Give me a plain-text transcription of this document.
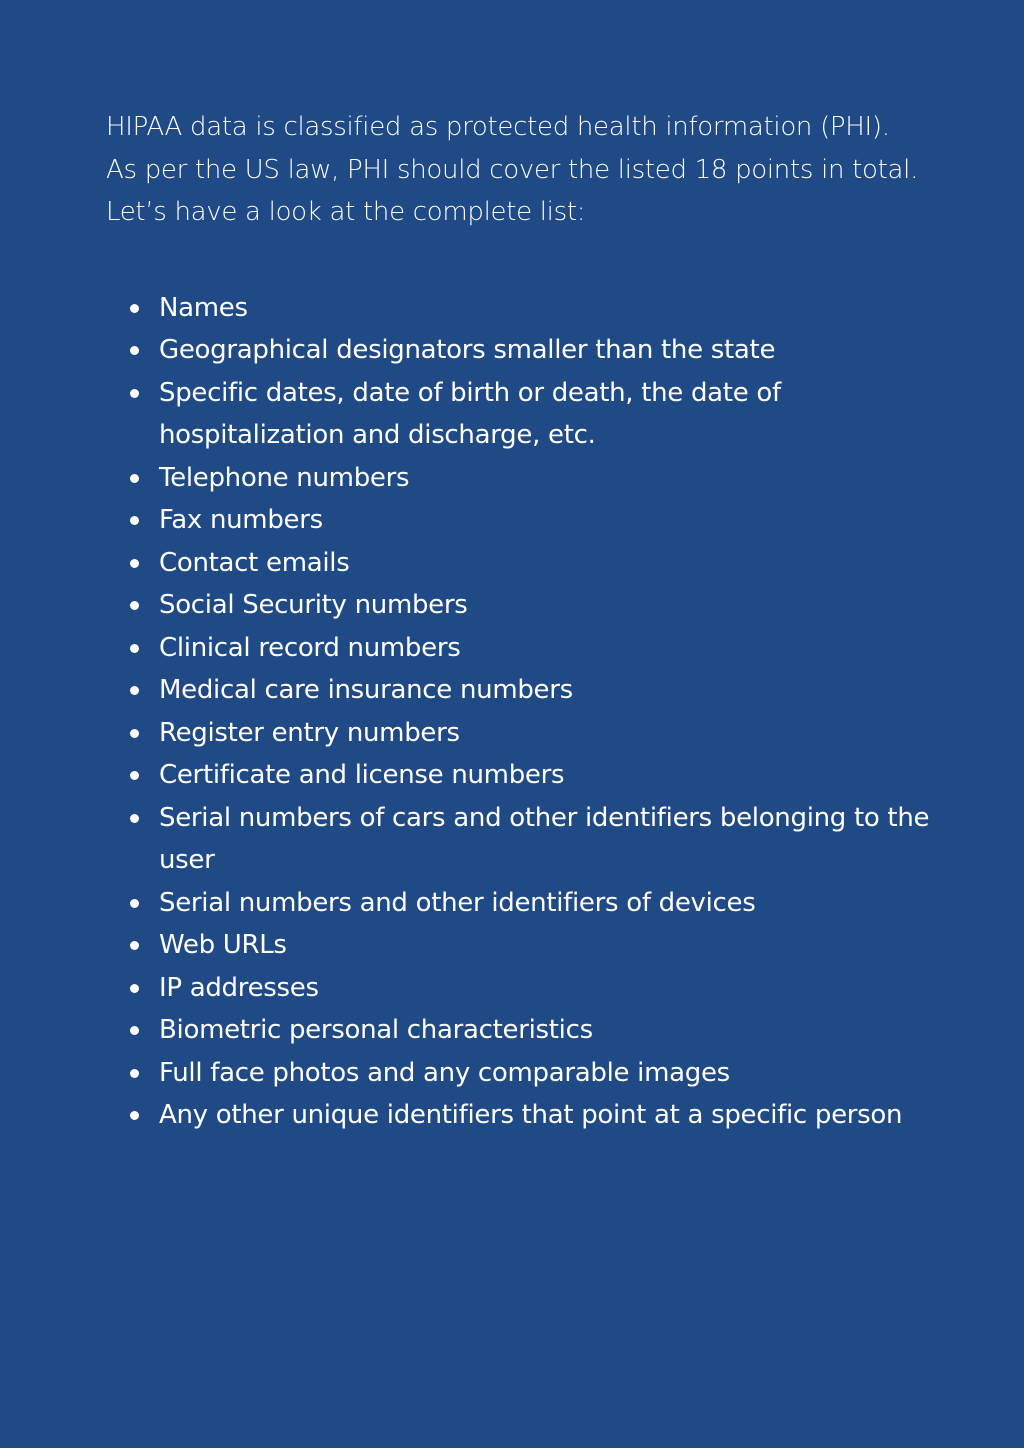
HIPAA data is classified as protected health information (PHI).
As per the US law, PHI should cover the listed 18 points in total.
Let’s have a look at the complete list:

Names
Geographical designators smaller than the state
Specific dates, date of birth or death, the date of hospitalization and discharge, etc.
Telephone numbers
Fax numbers
Contact emails
Social Security numbers
Clinical record numbers
Medical care insurance numbers
Register entry numbers
Certificate and license numbers
Serial numbers of cars and other identifiers belonging to the user
Serial numbers and other identifiers of devices
Web URLs
IP addresses
Biometric personal characteristics
Full face photos and any comparable images
Any other unique identifiers that point at a specific person
